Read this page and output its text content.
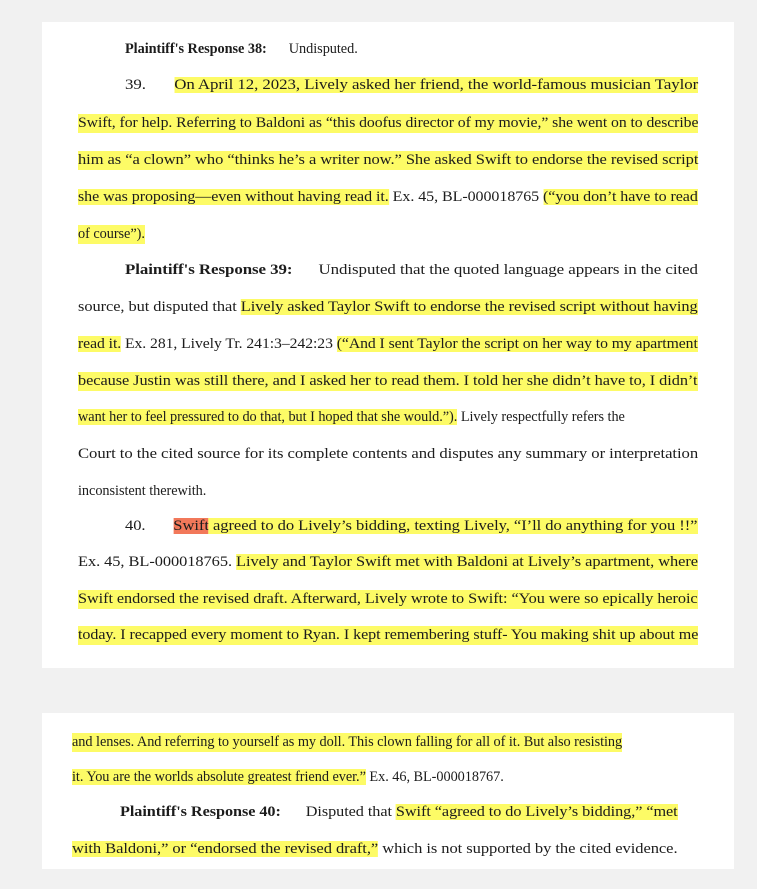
Plaintiff's Response 38: Undisputed.
39. On April 12, 2023, Lively asked her friend, the world-famous musician Taylor
Swift, for help. Referring to Baldoni as “this doofus director of my movie,” she went on to describe
him as “a clown” who “thinks he’s a writer now.” She asked Swift to endorse the revised script
she was proposing—even without having read it. Ex. 45, BL-000018765 (“you don’t have to read
of course”).
Plaintiff's Response 39: Undisputed that the quoted language appears in the cited
source, but disputed that Lively asked Taylor Swift to endorse the revised script without having
read it. Ex. 281, Lively Tr. 241:3–242:23 (“And I sent Taylor the script on her way to my apartment
because Justin was still there, and I asked her to read them. I told her she didn’t have to, I didn’t
want her to feel pressured to do that, but I hoped that she would.”). Lively respectfully refers the
Court to the cited source for its complete contents and disputes any summary or interpretation
inconsistent therewith.
40. Swift agreed to do Lively’s bidding, texting Lively, “I’ll do anything for you !!”
Ex. 45, BL-000018765. Lively and Taylor Swift met with Baldoni at Lively’s apartment, where
Swift endorsed the revised draft. Afterward, Lively wrote to Swift: “You were so epically heroic
today. I recapped every moment to Ryan. I kept remembering stuff- You making shit up about me
and lenses. And referring to yourself as my doll. This clown falling for all of it. But also resisting
it. You are the worlds absolute greatest friend ever.” Ex. 46, BL-000018767.
Plaintiff's Response 40: Disputed that Swift “agreed to do Lively’s bidding,” “met
with Baldoni,” or “endorsed the revised draft,” which is not supported by the cited evidence.
